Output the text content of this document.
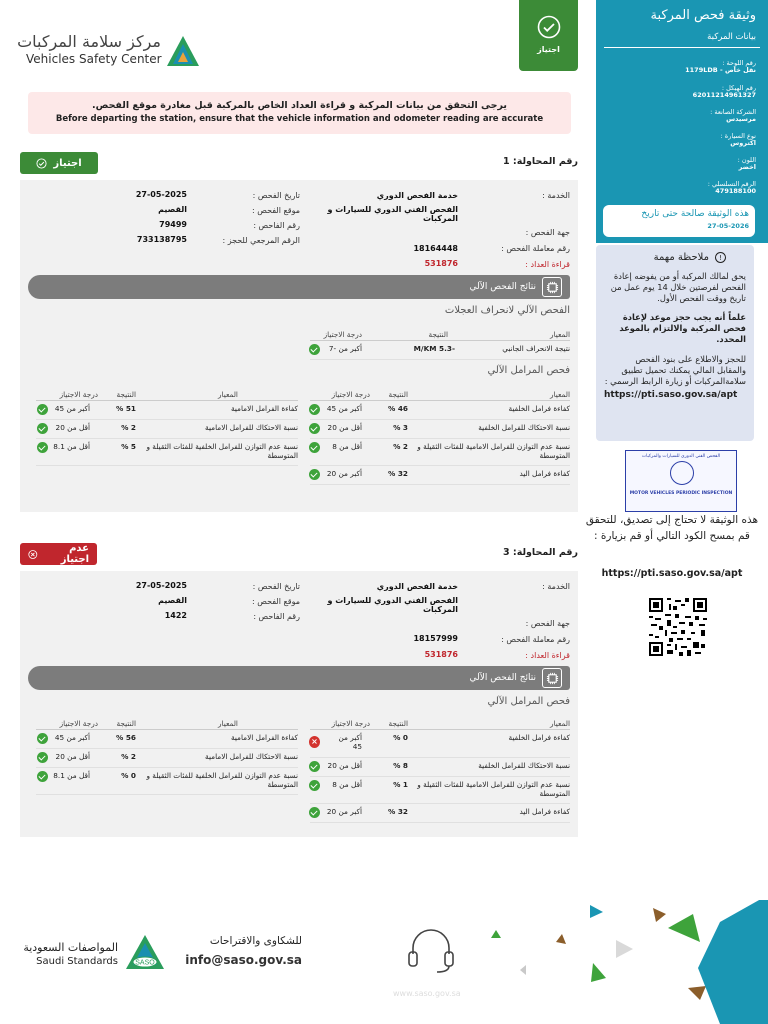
مركز سلامة المركبات
Vehicles Safety Center
اجتياز
يرجى التحقق من بيانات المركبة و قراءة العداد الخاص بالمركبة قبل مغادرة موقع الفحص.
Before departing the station, ensure that the vehicle information and odometer reading are accurate
رقم المحاولة: 1
اجتياز
الخدمة :
خدمة الفحص الدوري
الفحص الفني الدوري للسيارات و المركبات
جهة الفحص :
رقم معاملة الفحص :
18164448
قراءة العداد :
531876
تاريخ الفحص :
27-05-2025
موقع الفحص :
القصيم
رقم الفاحص :
79499
الرقم المرجعي للحجز :
733138795
نتائج الفحص الآلي
الفحص الآلي لانحراف العجلات
المعيار
النتيجة
درجة الاجتياز
نتيجة الانحراف الجانبي
-M/KM 5.3
أكبر من -7
فحص المرامل الآلي
المعيار
النتيجة
درجة الاجتياز
كفاءة فرامل الخلفية
46 %
أكبر من 45
نسبة الاحتكاك للفرامل الخلفية
3 %
أقل من 20
نسبة عدم التوازن للفرامل الامامية للفئات الثقيلة و المتوسطة
2 %
أقل من 8
كفاءة فرامل اليد
32 %
أكبر من 20
المعيار
النتيجة
درجة الاجتياز
كفاءة الفرامل الامامية
51 %
أكبر من 45
نسبة الاحتكاك للفرامل الامامية
2 %
أقل من 20
نسبة عدم التوازن للفرامل الخلفية للفئات الثقيلة و المتوسطة
5 %
أقل من 8.1
رقم المحاولة: 3
عدم اجتياز
الخدمة :
خدمة الفحص الدوري
الفحص الفني الدوري للسيارات و المركبات
جهة الفحص :
رقم معاملة الفحص :
18157999
قراءة العداد :
531876
تاريخ الفحص :
27-05-2025
موقع الفحص :
القصيم
رقم الفاحص :
1422
نتائج الفحص الآلي
فحص المرامل الآلي
المعيار
النتيجة
درجة الاجتياز
كفاءة فرامل الخلفية
0 %
أكبر من 45
×
نسبة الاحتكاك للفرامل الخلفية
8 %
أقل من 20
نسبة عدم التوازن للفرامل الامامية للفئات الثقيلة و المتوسطة
1 %
أقل من 8
كفاءة فرامل اليد
32 %
أكبر من 20
المعيار
النتيجة
درجة الاجتياز
كفاءة الفرامل الامامية
56 %
أكبر من 45
نسبة الاحتكاك للفرامل الامامية
2 %
أقل من 20
نسبة عدم التوازن للفرامل الخلفية للفئات الثقيلة و المتوسطة
0 %
أقل من 8.1
وثيقة فحص المركبة
بيانات المركبة
رقم اللوحة :
نقل خاص - 1179LDB
رقم الهيكل :
62011214961327
الشركة الصانعة :
مرسيدس
نوع السيارة :
اكتروس
اللون :
اخضر
الرقم التسلسلي :
479188100
هذه الوثيقة صالحة حتى تاريخ
27-05-2026
!
ملاحظة مهمة

يحق لمالك المركبة أو من يفوضه إعادة الفحص لفرصتين خلال 14 يوم عمل من تاريخ ووقت الفحص الأول.

علماً أنه يجب حجز موعد لإعادة فحص المركبة والالتزام بالموعد المحدد.

للحجز والاطلاع على بنود الفحص والمقابل المالي يمكنك تحميل تطبيق سلامةالمركبات أو زيارة الرابط الرسمي :

https://pti.saso.gov.sa/apt
الفحص الفني الدوري للسيارات والمركبات
MOTOR VEHICLES PERIODIC INSPECTION
هذه الوثيقة لا تحتاج إلى تصديق، للتحقق قم بمسح الكود التالي أو قم بزيارة :
https://pti.saso.gov.sa/apt
المواصفات السعودية
Saudi Standards SASO
للشكاوى والاقتراحات
info@saso.gov.sa
www.saso.gov.sa
